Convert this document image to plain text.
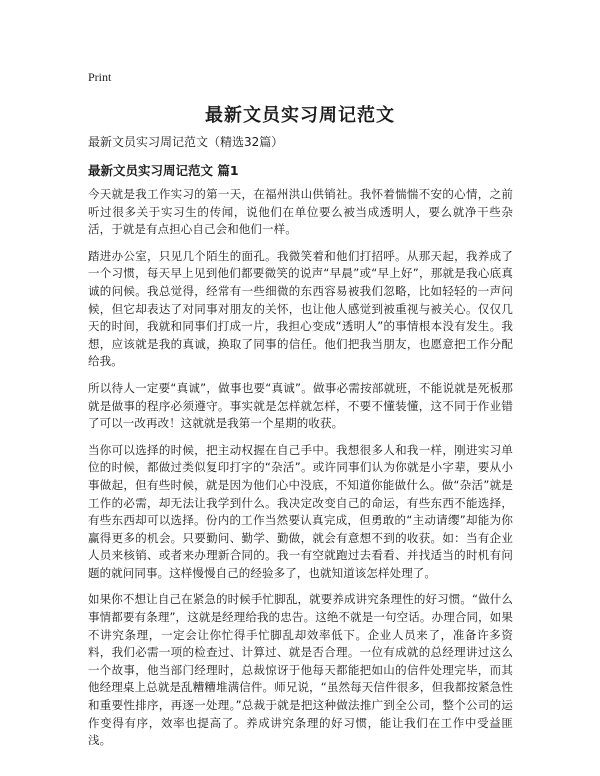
Print
最新文员实习周记范文

最新文员实习周记范文（精选32篇）

最新文员实习周记范文 篇1

今天就是我工作实习的第一天，在福州洪山供销社。我怀着惴惴不安的心情，之前听过很多关于实习生的传闻，说他们在单位要么被当成透明人，要么就净干些杂活，于就是有点担心自己会和他们一样。

踏进办公室，只见几个陌生的面孔。我微笑着和他们打招呼。从那天起，我养成了一个习惯，每天早上见到他们都要微笑的说声“早晨”或“早上好”，那就是我心底真诚的问候。我总觉得，经常有一些细微的东西容易被我们忽略，比如轻轻的一声问候，但它却表达了对同事对朋友的关怀，也让他人感觉到被重视与被关心。仅仅几天的时间，我就和同事们打成一片，我担心变成“透明人”的事情根本没有发生。我想，应该就是我的真诚，换取了同事的信任。他们把我当朋友，也愿意把工作分配给我。

所以待人一定要“真诚”，做事也要“真诚”。做事必需按部就班，不能说就是死板那就是做事的程序必须遵守。事实就是怎样就怎样，不要不懂装懂，这不同于作业错了可以一改再改！这就就是我第一个星期的收获。

当你可以选择的时候，把主动权握在自己手中。我想很多人和我一样，刚进实习单位的时候，都做过类似复印打字的“杂活”。或许同事们认为你就是小字辈，要从小事做起，但有些时候，就是因为他们心中没底，不知道你能做什么。做“杂活”就是工作的必需，却无法让我学到什么。我决定改变自己的命运，有些东西不能选择，有些东西却可以选择。份内的工作当然要认真完成，但勇敢的“主动请缨”却能为你赢得更多的机会。只要勤问、勤学、勤做，就会有意想不到的收获。如：当有企业人员来核销、或者来办理新合同的。我一有空就跑过去看看、并找适当的时机有问题的就问同事。这样慢慢自己的经验多了，也就知道该怎样处理了。

如果你不想让自己在紧急的时候手忙脚乱，就要养成讲究条理性的好习惯。“做什么事情都要有条理”，这就是经理给我的忠告。这绝不就是一句空话。办理合同，如果不讲究条理，一定会让你忙得手忙脚乱却效率低下。企业人员来了，准备许多资料，我们必需一项的检查过、计算过、就是否合理。一位有成就的总经理讲过这么一个故事，他当部门经理时，总裁惊讶于他每天都能把如山的信件处理完毕，而其他经理桌上总就是乱糟糟堆满信件。师兄说，“虽然每天信件很多，但我都按紧急性和重要性排序，再逐一处理。”总裁于就是把这种做法推广到全公司，整个公司的运作变得有序，效率也提高了。养成讲究条理的好习惯，能让我们在工作中受益匪浅。
